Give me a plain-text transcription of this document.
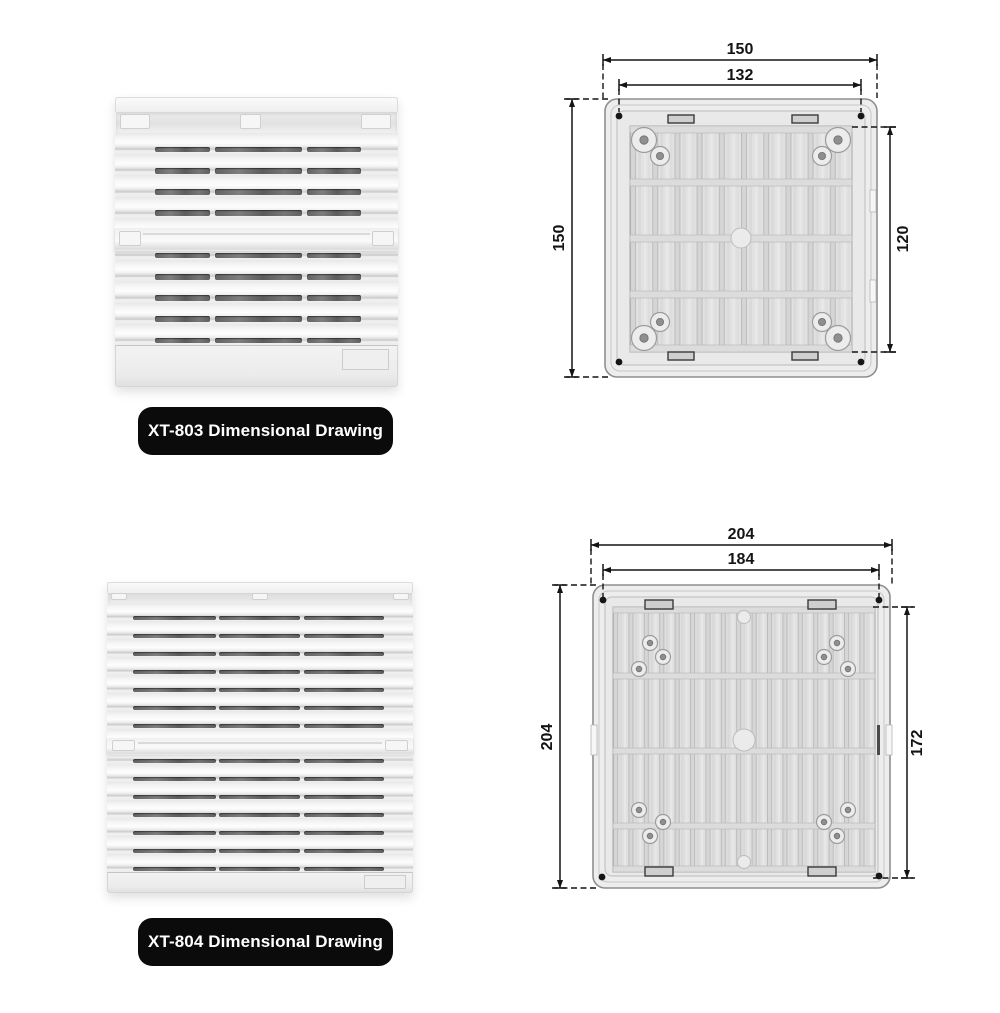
150
132
150	120
XT-803 Dimensional Drawing
204
184
204	172
XT-804 Dimensional Drawing
